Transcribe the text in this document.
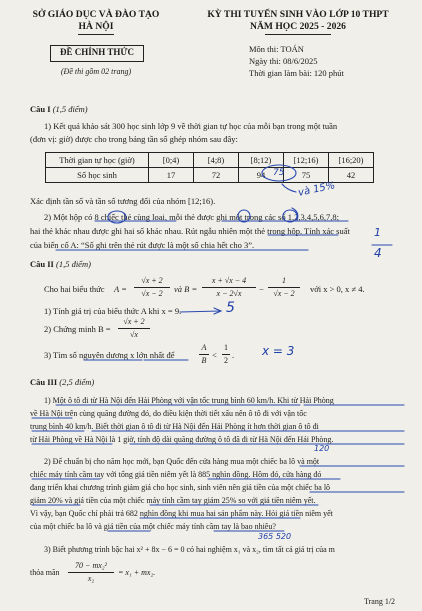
SỞ GIÁO DỤC VÀ ĐÀO TẠO
HÀ NỘI
ĐỀ CHÍNH THỨC
(Đề thi gồm 02 trang)
KỲ THI TUYỂN SINH VÀO LỚP 10 THPT
NĂM HỌC 2025 - 2026
Môn thi: TOÁN
Ngày thi: 08/6/2025
Thời gian làm bài: 120 phút
Câu I (1,5 điểm)
1) Kết quả khảo sát 300 học sinh lớp 9 về thời gian tự học của mỗi bạn trong một tuần
(đơn vị: giờ) được cho trong bảng tần số ghép nhóm sau đây:
Thời gian tự học (giờ)	[0;4)	[4;8)	[8;12)	[12;16)	[16;20)
Số học sinh	17	72	94	75	42
Xác định tần số và tần số tương đối của nhóm [12;16).
2) Một hộp có 8 chiếc thẻ cùng loại, mỗi thẻ được ghi một trong các số 1,2,3,4,5,6,7,8;
hai thẻ khác nhau được ghi hai số khác nhau. Rút ngẫu nhiên một thẻ trong hộp. Tính xác suất
của biến cố A: “Số ghi trên thẻ rút được là một số chia hết cho 3”.
Câu II (1,5 điểm)
Cho hai biểu thức A =
√x + 2
√x − 2	và B =
x + √x − 4
x − 2√x	−
1
√x − 2	với x > 0, x ≠ 4.
1) Tính giá trị của biểu thức A khi x = 9.
2) Chứng minh B =
√x + 2
√x
3) Tìm số nguyên dương x lớn nhất để
A
B
<
1
2
.
Câu III (2,5 điểm)
1) Một ô tô đi từ Hà Nội đến Hải Phòng với vận tốc trung bình 60 km/h. Khi từ Hải Phòng
về Hà Nội trên cùng quãng đường đó, do điều kiện thời tiết xấu nên ô tô đi với vận tốc
trung bình 40 km/h. Biết thời gian ô tô đi từ Hà Nội đến Hải Phòng ít hơn thời gian ô tô đi
từ Hải Phòng về Hà Nội là 1 giờ, tính độ dài quãng đường ô tô đã đi từ Hà Nội đến Hải Phòng.
2) Để chuẩn bị cho năm học mới, bạn Quốc đến cửa hàng mua một chiếc ba lô và một
chiếc máy tính cầm tay với tổng giá tiền niêm yết là 885 nghìn đồng. Hôm đó, cửa hàng đó
đang triển khai chương trình giảm giá cho học sinh, sinh viên nên giá tiền của một chiếc ba lô
giảm 20% và giá tiền của một chiếc máy tính cầm tay giảm 25% so với giá tiền niêm yết.
Vì vậy, bạn Quốc chỉ phải trả 682 nghìn đồng khi mua hai sản phẩm này. Hỏi giá tiền niêm yết
của một chiếc ba lô và giá tiền của một chiếc máy tính cầm tay là bao nhiêu?
3) Biết phương trình bậc hai x² + 8x − 6 = 0 có hai nghiệm x₁ và x₂, tìm tất cả giá trị của m
thỏa mãn
70 − mx₂²
x₂
= x₁ + mx₂.
Trang 1/2
75
và 15%
1
4
5
x = 3
120
365 520
